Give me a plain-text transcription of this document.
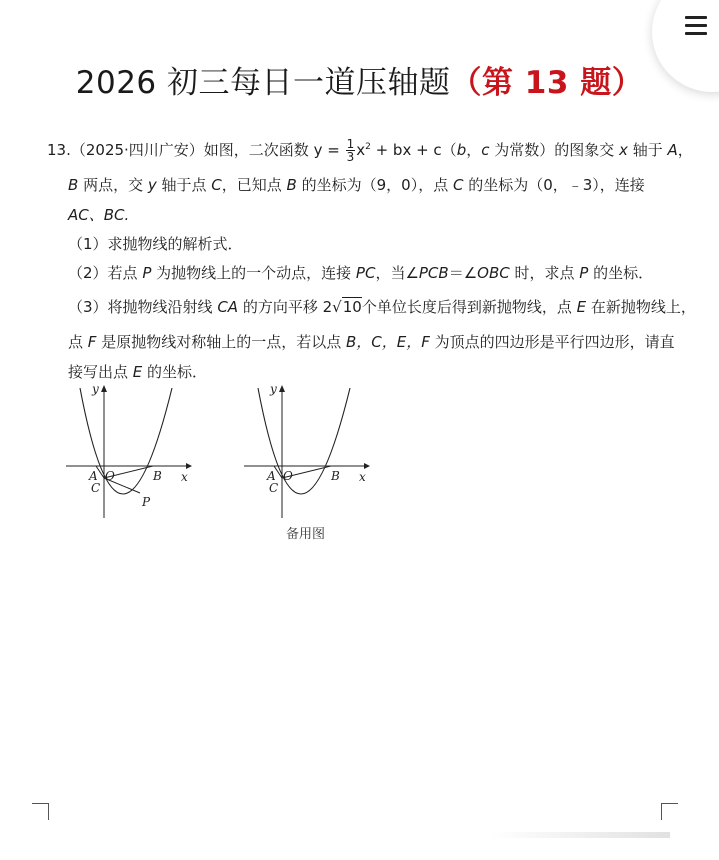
2026 初三每日一道压轴题（第 13 题）
13.（2025·四川广安）如图，二次函数 $y = \frac{1}{3} x^2$ + bx + c（b，c 为常数）的图象交 x 轴于 A，
B 两点，交 y 轴于点 C，已知点 B 的坐标为（9，0），点 C 的坐标为（0，﹣3），连接
AC、BC.
（1）求抛物线的解析式．
（2）若点 P 为抛物线上的一个动点，连接 PC，当∠PCB＝∠OBC 时，求点 P 的坐标．
（3）将抛物线沿射线 CA 的方向平移 2√10个单位长度后得到新抛物线，点 E 在新抛物线上，
点 F 是原抛物线对称轴上的一点，若以点 B，C，E，F 为顶点的四边形是平行四边形，请直
接写出点 E 的坐标．
y
x
A O	B
C
P
y
x
A O	B
C
备用图
